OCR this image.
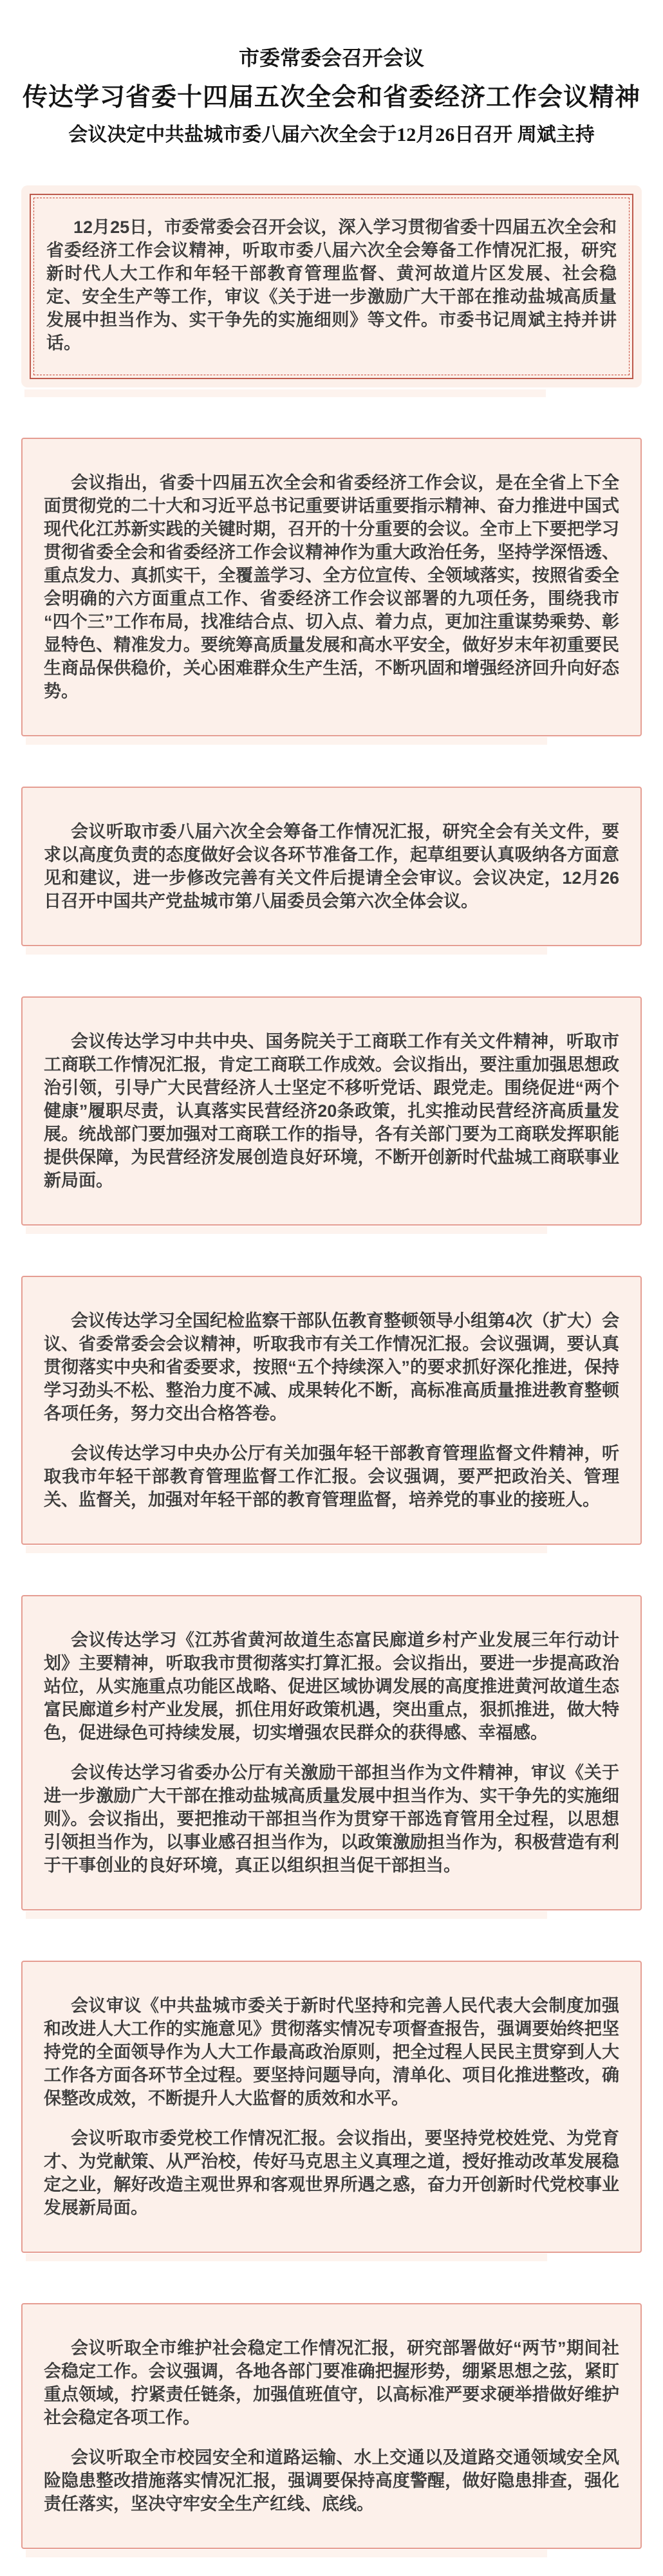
市委常委会召开会议
传达学习省委十四届五次全会和省委经济工作会议精神
会议决定中共盐城市委八届六次全会于12月26日召开 周斌主持

12月25日，市委常委会召开会议，深入学习贯彻省委十四届五次全会和省委经济工作会议精神，听取市委八届六次全会筹备工作情况汇报，研究新时代人大工作和年轻干部教育管理监督、黄河故道片区发展、社会稳定、安全生产等工作，审议《关于进一步激励广大干部在推动盐城高质量发展中担当作为、实干争先的实施细则》等文件。市委书记周斌主持并讲话。

会议指出，省委十四届五次全会和省委经济工作会议，是在全省上下全面贯彻党的二十大和习近平总书记重要讲话重要指示精神、奋力推进中国式现代化江苏新实践的关键时期，召开的十分重要的会议。全市上下要把学习贯彻省委全会和省委经济工作会议精神作为重大政治任务，坚持学深悟透、重点发力、真抓实干，全覆盖学习、全方位宣传、全领域落实，按照省委全会明确的六方面重点工作、省委经济工作会议部署的九项任务，围绕我市“四个三”工作布局，找准结合点、切入点、着力点，更加注重谋势乘势、彰显特色、精准发力。要统筹高质量发展和高水平安全，做好岁末年初重要民生商品保供稳价，关心困难群众生产生活，不断巩固和增强经济回升向好态势。

会议听取市委八届六次全会筹备工作情况汇报，研究全会有关文件，要求以高度负责的态度做好会议各环节准备工作，起草组要认真吸纳各方面意见和建议，进一步修改完善有关文件后提请全会审议。会议决定，12月26日召开中国共产党盐城市第八届委员会第六次全体会议。

会议传达学习中共中央、国务院关于工商联工作有关文件精神，听取市工商联工作情况汇报，肯定工商联工作成效。会议指出，要注重加强思想政治引领，引导广大民营经济人士坚定不移听党话、跟党走。围绕促进“两个健康”履职尽责，认真落实民营经济20条政策，扎实推动民营经济高质量发展。统战部门要加强对工商联工作的指导，各有关部门要为工商联发挥职能提供保障，为民营经济发展创造良好环境，不断开创新时代盐城工商联事业新局面。

会议传达学习全国纪检监察干部队伍教育整顿领导小组第4次（扩大）会议、省委常委会会议精神，听取我市有关工作情况汇报。会议强调，要认真贯彻落实中央和省委要求，按照“五个持续深入”的要求抓好深化推进，保持学习劲头不松、整治力度不减、成果转化不断，高标准高质量推进教育整顿各项任务，努力交出合格答卷。

会议传达学习中央办公厅有关加强年轻干部教育管理监督文件精神，听取我市年轻干部教育管理监督工作汇报。会议强调，要严把政治关、管理关、监督关，加强对年轻干部的教育管理监督，培养党的事业的接班人。

会议传达学习《江苏省黄河故道生态富民廊道乡村产业发展三年行动计划》主要精神，听取我市贯彻落实打算汇报。会议指出，要进一步提高政治站位，从实施重点功能区战略、促进区域协调发展的高度推进黄河故道生态富民廊道乡村产业发展，抓住用好政策机遇，突出重点，狠抓推进，做大特色，促进绿色可持续发展，切实增强农民群众的获得感、幸福感。

会议传达学习省委办公厅有关激励干部担当作为文件精神，审议《关于进一步激励广大干部在推动盐城高质量发展中担当作为、实干争先的实施细则》。会议指出，要把推动干部担当作为贯穿干部选育管用全过程，以思想引领担当作为，以事业感召担当作为，以政策激励担当作为，积极营造有利于干事创业的良好环境，真正以组织担当促干部担当。

会议审议《中共盐城市委关于新时代坚持和完善人民代表大会制度加强和改进人大工作的实施意见》贯彻落实情况专项督查报告，强调要始终把坚持党的全面领导作为人大工作最高政治原则，把全过程人民民主贯穿到人大工作各方面各环节全过程。要坚持问题导向，清单化、项目化推进整改，确保整改成效，不断提升人大监督的质效和水平。

会议听取市委党校工作情况汇报。会议指出，要坚持党校姓党、为党育才、为党献策、从严治校，传好马克思主义真理之道，授好推动改革发展稳定之业，解好改造主观世界和客观世界所遇之惑，奋力开创新时代党校事业发展新局面。

会议听取全市维护社会稳定工作情况汇报，研究部署做好“两节”期间社会稳定工作。会议强调，各地各部门要准确把握形势，绷紧思想之弦，紧盯重点领域，拧紧责任链条，加强值班值守，以高标准严要求硬举措做好维护社会稳定各项工作。

会议听取全市校园安全和道路运输、水上交通以及道路交通领域安全风险隐患整改措施落实情况汇报，强调要保持高度警醒，做好隐患排查，强化责任落实，坚决守牢安全生产红线、底线。
